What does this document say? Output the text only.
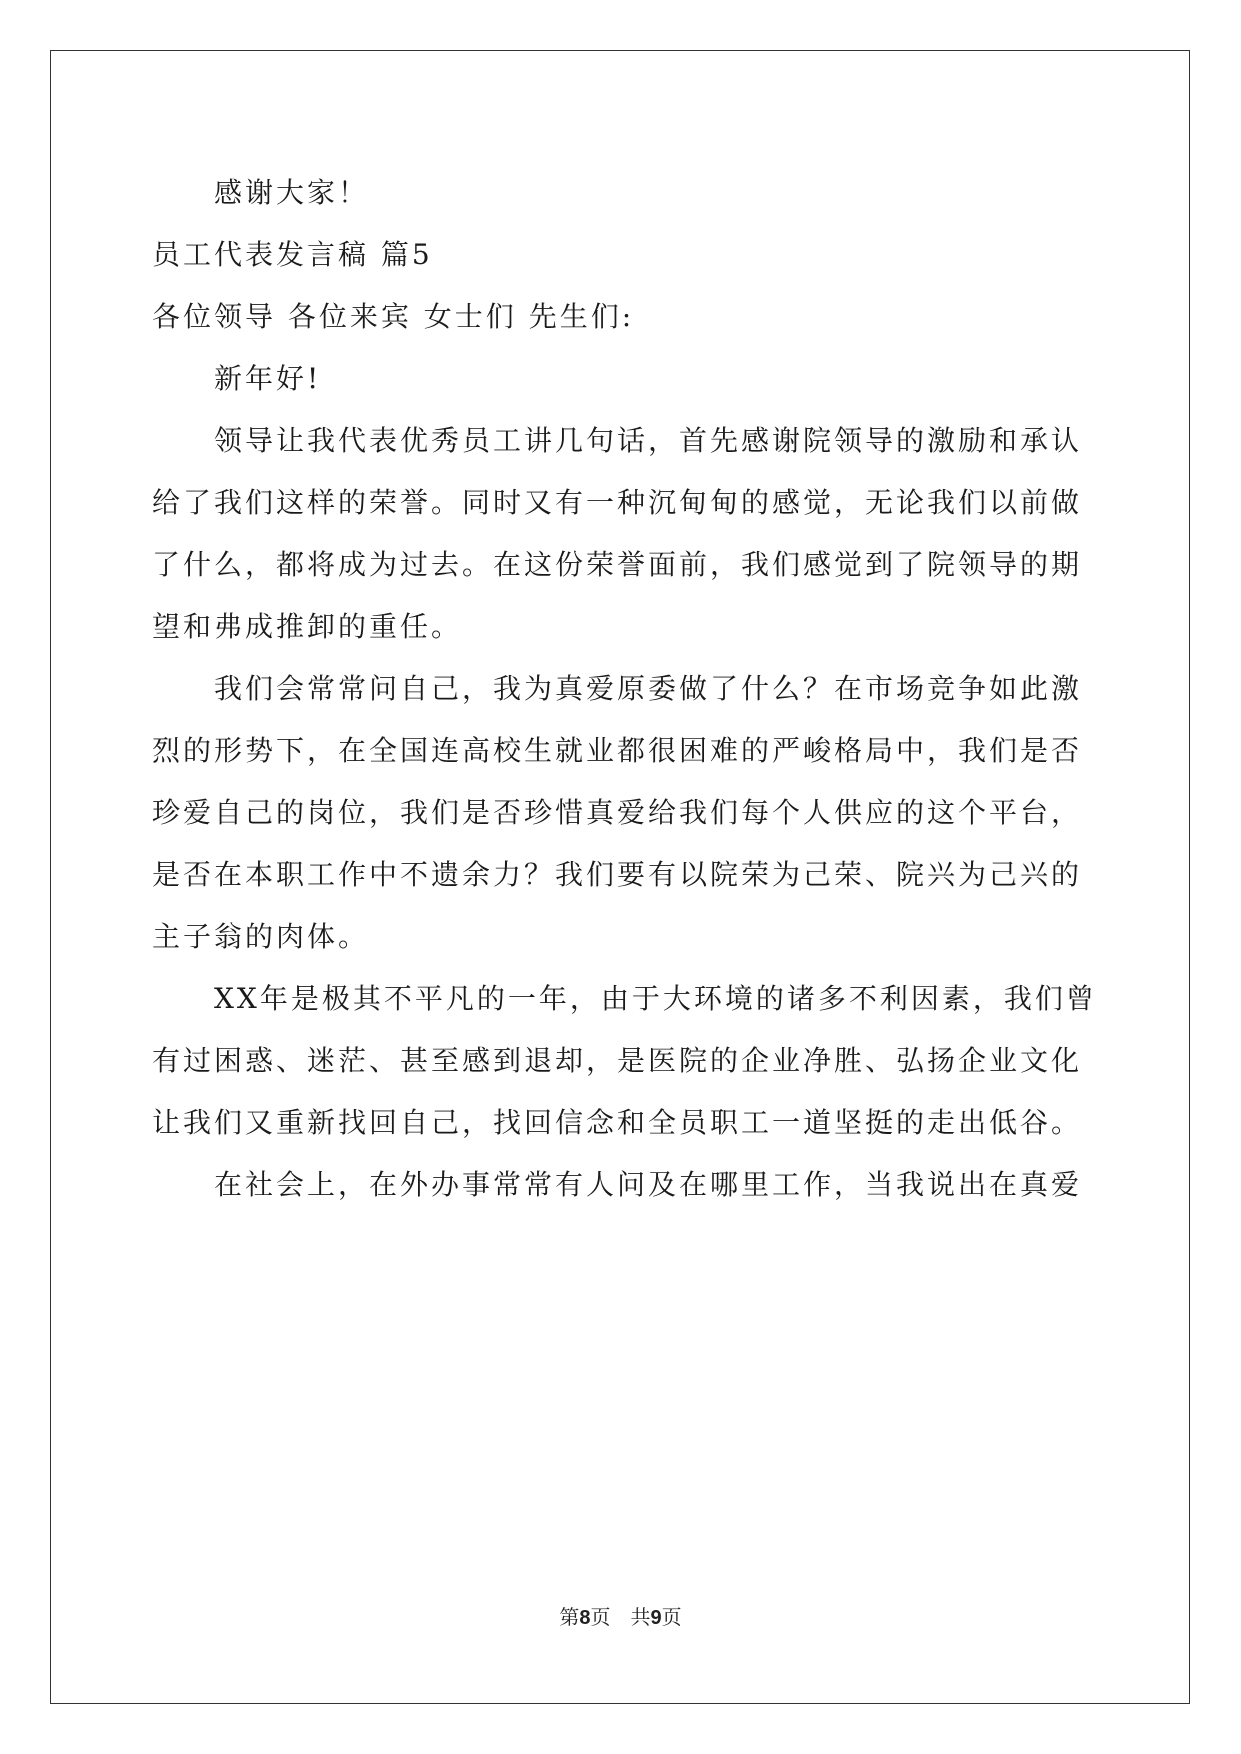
感谢大家！
员工代表发言稿 篇5
各位领导 各位来宾 女士们 先生们:
新年好!
领导让我代表优秀员工讲几句话，首先感谢院领导的激励和承认
给了我们这样的荣誉。同时又有一种沉甸甸的感觉，无论我们以前做
了什么，都将成为过去。在这份荣誉面前，我们感觉到了院领导的期
望和弗成推卸的重任。
我们会常常问自己，我为真爱原委做了什么？在市场竞争如此激
烈的形势下，在全国连高校生就业都很困难的严峻格局中，我们是否
珍爱自己的岗位，我们是否珍惜真爱给我们每个人供应的这个平台，
是否在本职工作中不遗余力？我们要有以院荣为己荣、院兴为己兴的
主子翁的肉体。
XX年是极其不平凡的一年，由于大环境的诸多不利因素，我们曾
有过困惑、迷茫、甚至感到退却，是医院的企业净胜、弘扬企业文化
让我们又重新找回自己，找回信念和全员职工一道坚挺的走出低谷。
在社会上，在外办事常常有人问及在哪里工作，当我说出在真爱
第8页 共9页
